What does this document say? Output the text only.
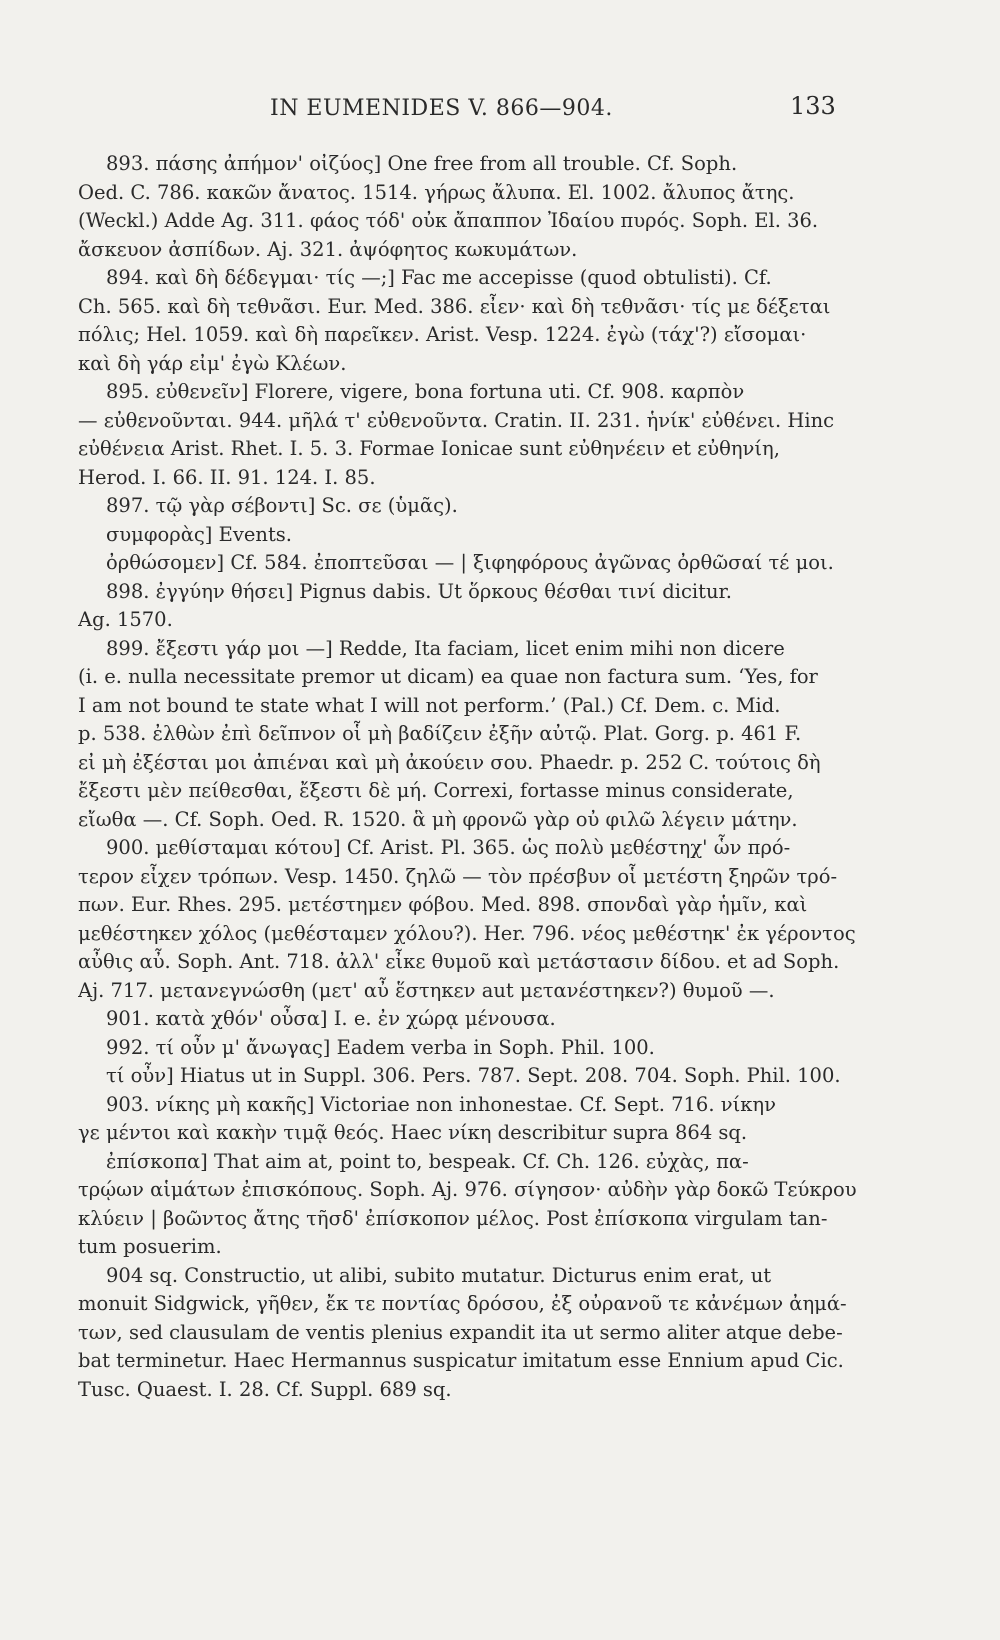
IN EUMENIDES V. 866—904.	133
893. πάσης ἀπήμον' οἰζύος] One free from all trouble. Cf. Soph.
Oed. C. 786. κακῶν ἄνατος. 1514. γήρως ἄλυπα. El. 1002. ἄλυπος ἄτης.
(Weckl.) Adde Ag. 311. φάος τόδ' οὐκ ἄπαππον Ἰδαίου πυρός. Soph. El. 36.
ἄσκευον ἀσπίδων. Aj. 321. ἀψόφητος κωκυμάτων.
894. καὶ δὴ δέδεγμαι· τίς —;] Fac me accepisse (quod obtulisti). Cf.
Ch. 565. καὶ δὴ τεθνᾶσι. Eur. Med. 386. εἶεν· καὶ δὴ τεθνᾶσι· τίς με δέξεται
πόλις; Hel. 1059. καὶ δὴ παρεῖκεν. Arist. Vesp. 1224. ἐγὼ (τάχ'?) εἴσομαι·
καὶ δὴ γάρ εἰμ' ἐγὼ Κλέων.
895. εὐθενεῖν] Florere, vigere, bona fortuna uti. Cf. 908. καρπὸν
— εὐθενοῦνται. 944. μῆλά τ' εὐθενοῦντα. Cratin. II. 231. ἡνίκ' εὐθένει. Hinc
εὐθένεια Arist. Rhet. I. 5. 3. Formae Ionicae sunt εὐθηνέειν et εὐθηνίη,
Herod. I. 66. II. 91. 124. I. 85.
897. τῷ γὰρ σέβοντι] Sc. σε (ὑμᾶς).
συμφορὰς] Events.
ὀρθώσομεν] Cf. 584. ἐποπτεῦσαι — | ξιφηφόρους ἀγῶνας ὀρθῶσαί τέ μοι.
898. ἐγγύην θήσει] Pignus dabis. Ut ὅρκους θέσθαι τινί dicitur.
Ag. 1570.
899. ἔξεστι γάρ μοι —] Redde, Ita faciam, licet enim mihi non dicere
(i. e. nulla necessitate premor ut dicam) ea quae non factura sum. ‘Yes, for
I am not bound te state what I will not perform.’ (Pal.) Cf. Dem. c. Mid.
p. 538. ἐλθὼν ἐπὶ δεῖπνον οἷ μὴ βαδίζειν ἐξῆν αὐτῷ. Plat. Gorg. p. 461 F.
εἰ μὴ ἐξέσται μοι ἀπιέναι καὶ μὴ ἀκούειν σου. Phaedr. p. 252 C. τούτοις δὴ
ἔξεστι μὲν πείθεσθαι, ἔξεστι δὲ μή. Correxi, fortasse minus considerate,
εἴωθα —. Cf. Soph. Oed. R. 1520. ἃ μὴ φρονῶ γὰρ οὐ φιλῶ λέγειν μάτην.
900. μεθίσταμαι κότου] Cf. Arist. Pl. 365. ὡς πολὺ μεθέστηχ' ὧν πρό-
τερον εἶχεν τρόπων. Vesp. 1450. ζηλῶ — τὸν πρέσβυν οἷ μετέστη ξηρῶν τρό-
πων. Eur. Rhes. 295. μετέστημεν φόβου. Med. 898. σπονδαὶ γὰρ ἡμῖν, καὶ
μεθέστηκεν χόλος (μεθέσταμεν χόλου?). Her. 796. νέος μεθέστηκ' ἐκ γέροντος
αὖθις αὖ. Soph. Ant. 718. ἀλλ' εἶκε θυμοῦ καὶ μετάστασιν δίδου. et ad Soph.
Aj. 717. μετανεγνώσθη (μετ' αὖ ἕστηκεν aut μετανέστηκεν?) θυμοῦ —.
901. κατὰ χθόν' οὖσα] I. e. ἐν χώρᾳ μένουσα.
992. τί οὖν μ' ἄνωγας] Eadem verba in Soph. Phil. 100.
τί οὖν] Hiatus ut in Suppl. 306. Pers. 787. Sept. 208. 704. Soph. Phil. 100.
903. νίκης μὴ κακῆς] Victoriae non inhonestae. Cf. Sept. 716. νίκην
γε μέντοι καὶ κακὴν τιμᾷ θεός. Haec νίκη describitur supra 864 sq.
ἐπίσκοπα] That aim at, point to, bespeak. Cf. Ch. 126. εὐχὰς, πα-
τρῴων αἱμάτων ἐπισκόπους. Soph. Aj. 976. σίγησον· αὐδὴν γὰρ δοκῶ Τεύκρου
κλύειν | βοῶντος ἄτης τῆσδ' ἐπίσκοπον μέλος. Post ἐπίσκοπα virgulam tan-
tum posuerim.
904 sq. Constructio, ut alibi, subito mutatur. Dicturus enim erat, ut
monuit Sidgwick, γῆθεν, ἔκ τε ποντίας δρόσου, ἐξ οὐρανοῦ τε κἀνέμων ἀημά-
των, sed clausulam de ventis plenius expandit ita ut sermo aliter atque debe-
bat terminetur. Haec Hermannus suspicatur imitatum esse Ennium apud Cic.
Tusc. Quaest. I. 28. Cf. Suppl. 689 sq.
